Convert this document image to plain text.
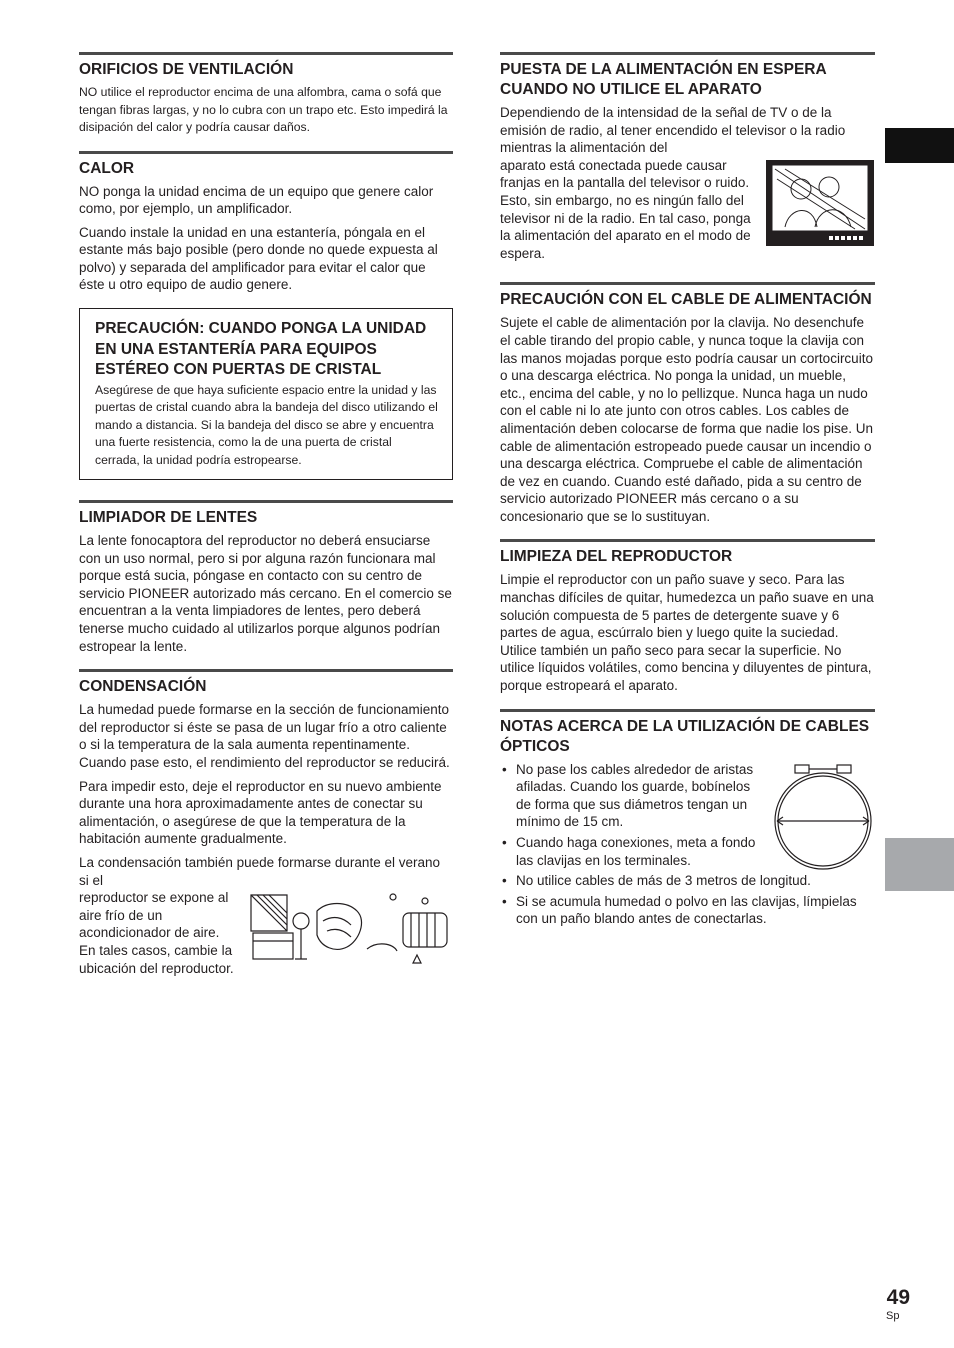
ORIFICIOS DE VENTILACIÓN

NO utilice el reproductor encima de una alfombra, cama o sofá que tengan fibras largas, y no lo cubra con un trapo etc. Esto impedirá la disipación del calor y podría causar daños.

CALOR

NO ponga la unidad encima de un equipo que genere calor como, por ejemplo, un amplificador.

Cuando instale la unidad en una estantería, póngala en el estante más bajo posible (pero donde no quede expuesta al polvo) y separada del amplificador para evitar el calor que éste u otro equipo de audio genere.

PRECAUCIÓN: CUANDO PONGA LA UNIDAD EN UNA ESTANTERÍA PARA EQUIPOS ESTÉREO CON PUERTAS DE CRISTAL

Asegúrese de que haya suficiente espacio entre la unidad y las puertas de cristal cuando abra la bandeja del disco utilizando el mando a distancia. Si la bandeja del disco se abre y encuentra una fuerte resistencia, como la de una puerta de cristal cerrada, la unidad podría estropearse.

LIMPIADOR DE LENTES

La lente fonocaptora del reproductor no deberá ensuciarse con un uso normal, pero si por alguna razón funcionara mal porque está sucia, póngase en contacto con su centro de servicio PIONEER autorizado más cercano. En el comercio se encuentran a la venta limpiadores de lentes, pero deberá tenerse mucho cuidado al utilizarlos porque algunos podrían estropear la lente.

CONDENSACIÓN

La humedad puede formarse en la sección de funcionamiento del reproductor si éste se pasa de un lugar frío a otro caliente o si la temperatura de la sala aumenta repentinamente. Cuando pase esto, el rendimiento del reproductor se reducirá.

Para impedir esto, deje el reproductor en su nuevo ambiente durante una hora aproximadamente antes de conectar su alimentación, o asegúrese de que la temperatura de la habitación aumente gradualmente.

La condensación también puede formarse durante el verano si el

reproductor se expone al aire frío de un acondicionador de aire. En tales casos, cambie la ubicación del reproductor.

PUESTA DE LA ALIMENTACIÓN EN ESPERA CUANDO NO UTILICE EL APARATO

Dependiendo de la intensidad de la señal de TV o de la emisión de radio, al tener encendido el televisor o la radio mientras la alimentación del

aparato está conectada puede causar franjas en la pantalla del televisor o ruido. Esto, sin embargo, no es ningún fallo del televisor ni de la radio. En tal caso, ponga la alimentación del aparato en el modo de espera.

PRECAUCIÓN CON EL CABLE DE ALIMENTACIÓN

Sujete el cable de alimentación por la clavija. No desenchufe el cable tirando del propio cable, y nunca toque la clavija con las manos mojadas porque esto podría causar un cortocircuito o una descarga eléctrica. No ponga la unidad, un mueble, etc., encima del cable, y no lo pellizque. Nunca haga un nudo con el cable ni lo ate junto con otros cables. Los cables de alimentación deben colocarse de forma que nadie los pise. Un cable de alimentación estropeado puede causar un incendio o una descarga eléctrica. Compruebe el cable de alimentación de vez en cuando. Cuando esté dañado, pida a su centro de servicio autorizado PIONEER más cercano o a su concesionario que se lo sustituyan.

LIMPIEZA DEL REPRODUCTOR

Limpie el reproductor con un paño suave y seco. Para las manchas difíciles de quitar, humedezca un paño suave en una solución compuesta de 5 partes de detergente suave y 6 partes de agua, escúrralo bien y luego quite la suciedad. Utilice también un paño seco para secar la superficie. No utilice líquidos volátiles, como bencina y diluyentes de pintura, porque estropeará el aparato.

NOTAS ACERCA DE LA UTILIZACIÓN DE CABLES ÓPTICOS
• No pase los cables alrededor de aristas afiladas. Cuando los guarde, bobínelos de forma que sus diámetros tengan un mínimo de 15 cm.
• Cuando haga conexiones, meta a fondo las clavijas en los terminales.
• No utilice cables de más de 3 metros de longitud.
• Si se acumula humedad o polvo en las clavijas, límpielas con un paño blando antes de conectarlas.
49
Sp
